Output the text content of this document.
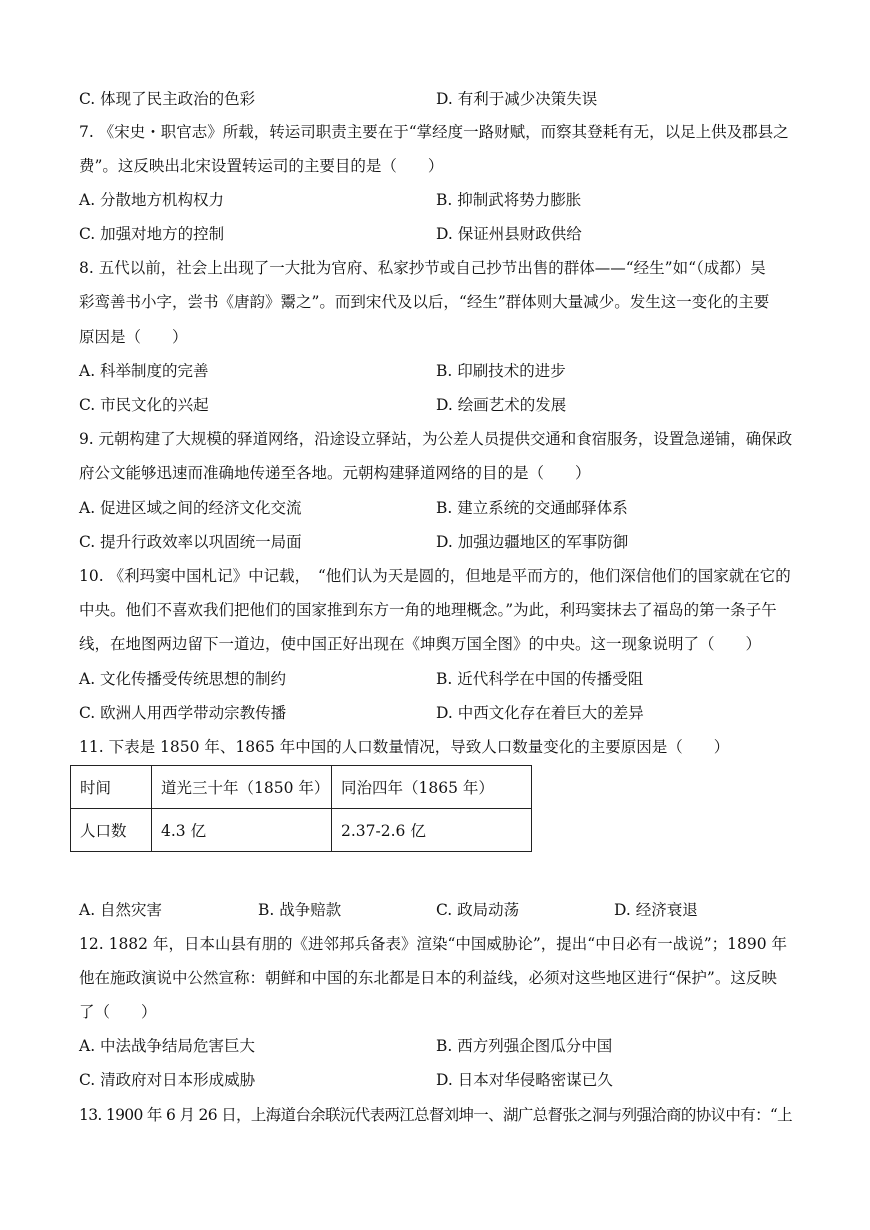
C. 体现了民主政治的色彩	D. 有利于减少决策失误
7. 《宋史・职官志》所载，转运司职责主要在于“掌经度一路财赋，而察其登耗有无，以足上供及郡县之
费”。这反映出北宋设置转运司的主要目的是（　　）
A. 分散地方机构权力	B. 抑制武将势力膨胀
C. 加强对地方的控制	D. 保证州县财政供给
8. 五代以前，社会上出现了一大批为官府、私家抄节或自己抄节出售的群体——“经生”如“（成都）吴
彩鸾善书小字，尝书《唐韵》鬻之”。而到宋代及以后，“经生”群体则大量减少。发生这一变化的主要
原因是（　　）
A. 科举制度的完善	B. 印刷技术的进步
C. 市民文化的兴起	D. 绘画艺术的发展
9. 元朝构建了大规模的驿道网络，沿途设立驿站，为公差人员提供交通和食宿服务，设置急递铺，确保政
府公文能够迅速而准确地传递至各地。元朝构建驿道网络的目的是（　　）
A. 促进区域之间的经济文化交流	B. 建立系统的交通邮驿体系
C. 提升行政效率以巩固统一局面	D. 加强边疆地区的军事防御
10. 《利玛窦中国札记》中记载，　“他们认为天是圆的，但地是平而方的，他们深信他们的国家就在它的
中央。他们不喜欢我们把他们的国家推到东方一角的地理概念。”为此，利玛窦抹去了福岛的第一条子午
线，在地图两边留下一道边，使中国正好出现在《坤舆万国全图》的中央。这一现象说明了（　　）
A. 文化传播受传统思想的制约	B. 近代科学在中国的传播受阻
C. 欧洲人用西学带动宗教传播	D. 中西文化存在着巨大的差异
11. 下表是 1850 年、1865 年中国的人口数量情况，导致人口数量变化的主要原因是（　　）
时间	道光三十年（1850 年）	同治四年（1865 年）
人口数	4.3 亿	2.37-2.6 亿
A. 自然灾害	B. 战争赔款	C. 政局动荡	D. 经济衰退
12. 1882 年，日本山县有朋的《进邻邦兵备表》渲染“中国威胁论”，提出“中日必有一战说”；1890 年
他在施政演说中公然宣称：朝鲜和中国的东北都是日本的利益线，必须对这些地区进行“保护”。这反映
了（　　）
A. 中法战争结局危害巨大	B. 西方列强企图瓜分中国
C. 清政府对日本形成威胁	D. 日本对华侵略密谋已久
13. 1900 年 6 月 26 日，上海道台余联沅代表两江总督刘坤一、湖广总督张之洞与列强洽商的协议中有：“上
